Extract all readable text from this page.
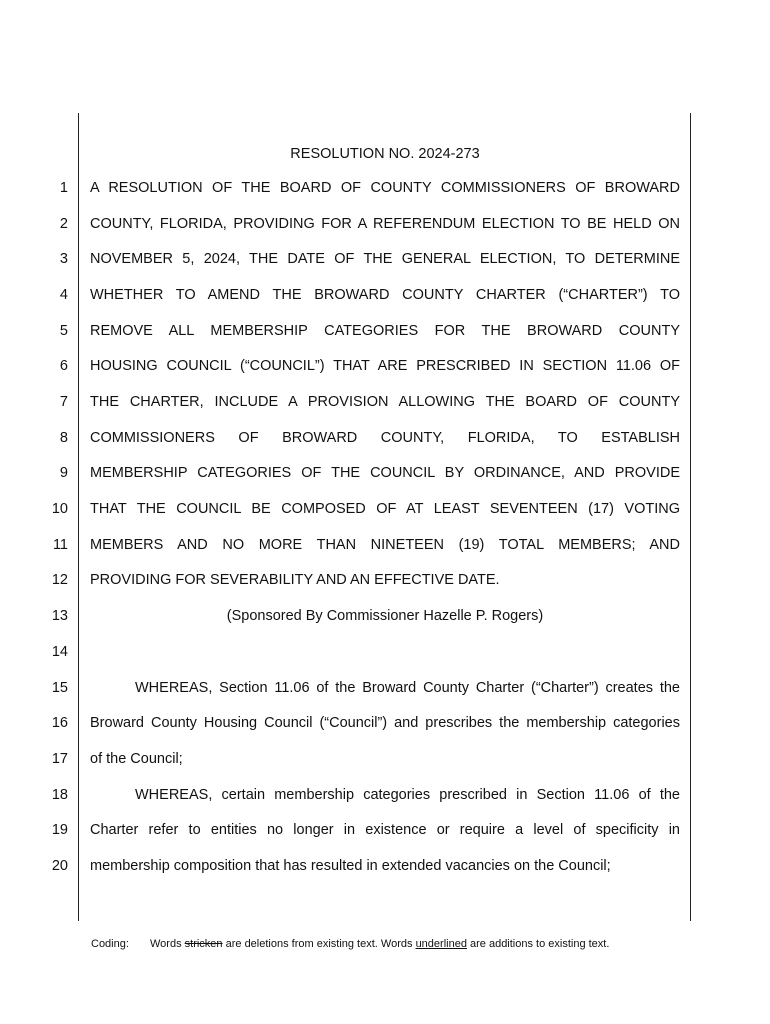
RESOLUTION NO. 2024-273
1
2
3
4
5
6
7
8
9
10
11
12
13
14
15
16
17
18
19
20
A RESOLUTION OF THE BOARD OF COUNTY COMMISSIONERS OF BROWARD
COUNTY, FLORIDA, PROVIDING FOR A REFERENDUM ELECTION TO BE HELD ON
NOVEMBER 5, 2024, THE DATE OF THE GENERAL ELECTION, TO DETERMINE
WHETHER TO AMEND THE BROWARD COUNTY CHARTER (“CHARTER”) TO
REMOVE ALL MEMBERSHIP CATEGORIES FOR THE BROWARD COUNTY
HOUSING COUNCIL (“COUNCIL”) THAT ARE PRESCRIBED IN SECTION 11.06 OF
THE CHARTER, INCLUDE A PROVISION ALLOWING THE BOARD OF COUNTY
COMMISSIONERS OF BROWARD COUNTY, FLORIDA, TO ESTABLISH
MEMBERSHIP CATEGORIES OF THE COUNCIL BY ORDINANCE, AND PROVIDE
THAT THE COUNCIL BE COMPOSED OF AT LEAST SEVENTEEN (17) VOTING
MEMBERS AND NO MORE THAN NINETEEN (19) TOTAL MEMBERS; AND
PROVIDING FOR SEVERABILITY AND AN EFFECTIVE DATE.
(Sponsored By Commissioner Hazelle P. Rogers)
WHEREAS, Section 11.06 of the Broward County Charter (“Charter”) creates the
Broward County Housing Council (“Council”) and prescribes the membership categories
of the Council;
WHEREAS, certain membership categories prescribed in Section 11.06 of the
Charter refer to entities no longer in existence or require a level of specificity in
membership composition that has resulted in extended vacancies on the Council;
Coding: Words stricken are deletions from existing text. Words underlined are additions to existing text.
